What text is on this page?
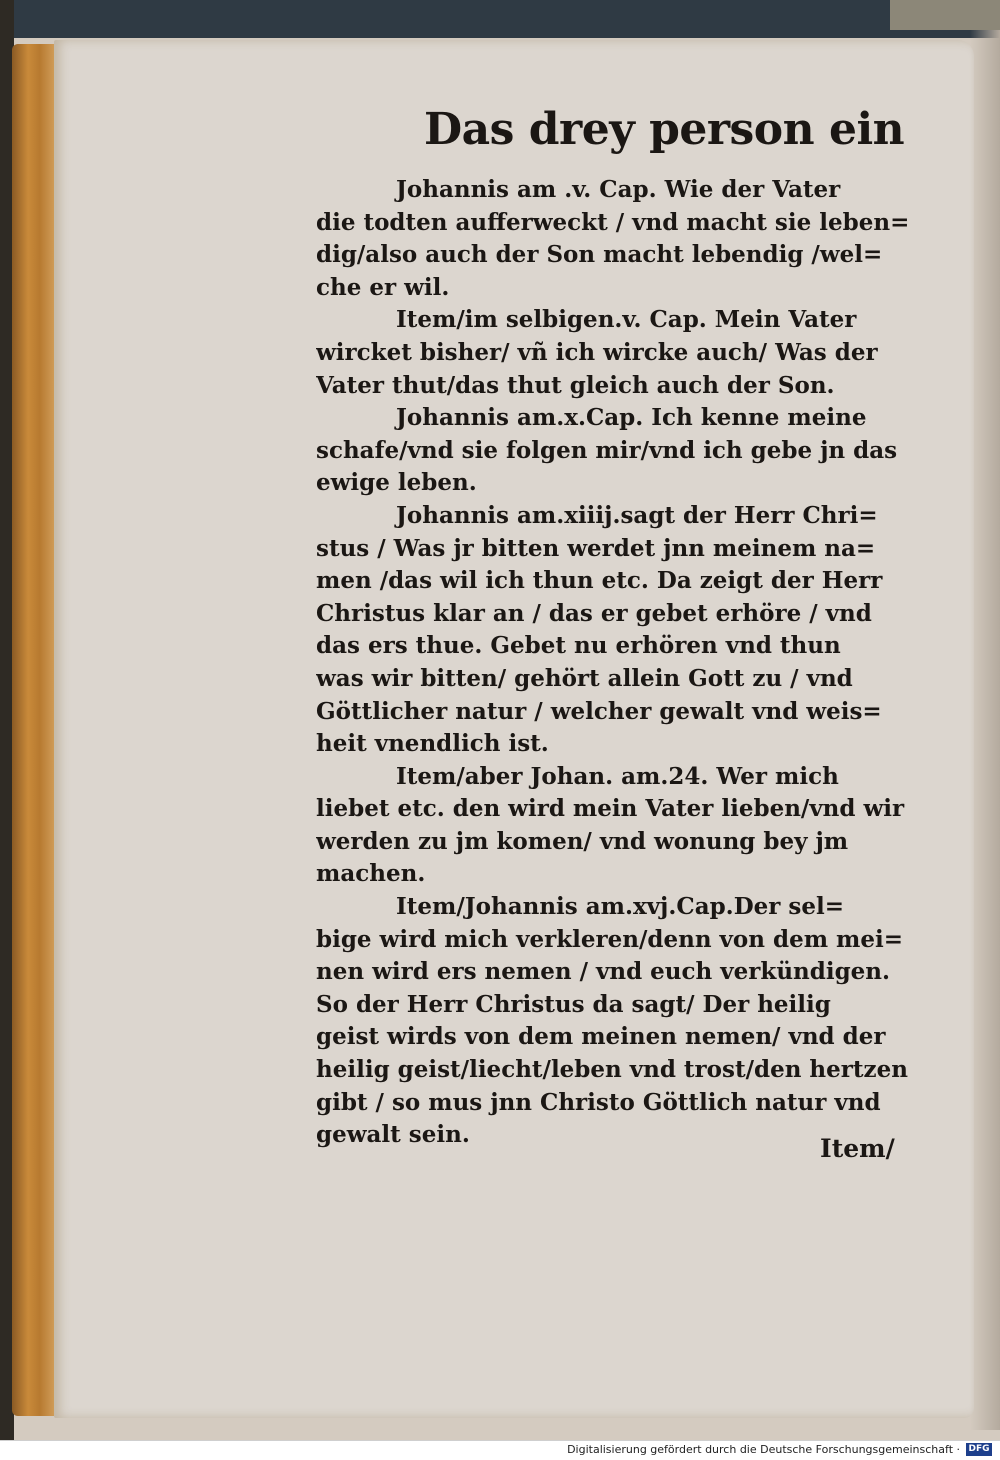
Das drey person ein
Johannis am .v. Cap. Wie der Vater
die todten aufferweckt / vnd macht sie leben=
dig/also auch der Son macht lebendig /wel=
che er wil.
Item/im selbigen.v. Cap. Mein Vater
wircket bisher/ vñ ich wircke auch/ Was der
Vater thut/das thut gleich auch der Son.
Johannis am.x.Cap. Ich kenne meine
schafe/vnd sie folgen mir/vnd ich gebe jn das
ewige leben.
Johannis am.xiiij.sagt der Herr Chri=
stus / Was jr bitten werdet jnn meinem na=
men /das wil ich thun etc. Da zeigt der Herr
Christus klar an / das er gebet erhöre / vnd
das ers thue. Gebet nu erhören vnd thun
was wir bitten/ gehört allein Gott zu / vnd
Göttlicher natur / welcher gewalt vnd weis=
heit vnendlich ist.
Item/aber Johan. am.24. Wer mich
liebet etc. den wird mein Vater lieben/vnd wir
werden zu jm komen/ vnd wonung bey jm
machen.
Item/Johannis am.xvj.Cap.Der sel=
bige wird mich verkleren/denn von dem mei=
nen wird ers nemen / vnd euch verkündigen.
So der Herr Christus da sagt/ Der heilig
geist wirds von dem meinen nemen/ vnd der
heilig geist/liecht/leben vnd trost/den hertzen
gibt / so mus jnn Christo Göttlich natur vnd
gewalt sein.	Item/
Digitalisierung gefördert durch die Deutsche Forschungsgemeinschaft · DFG
